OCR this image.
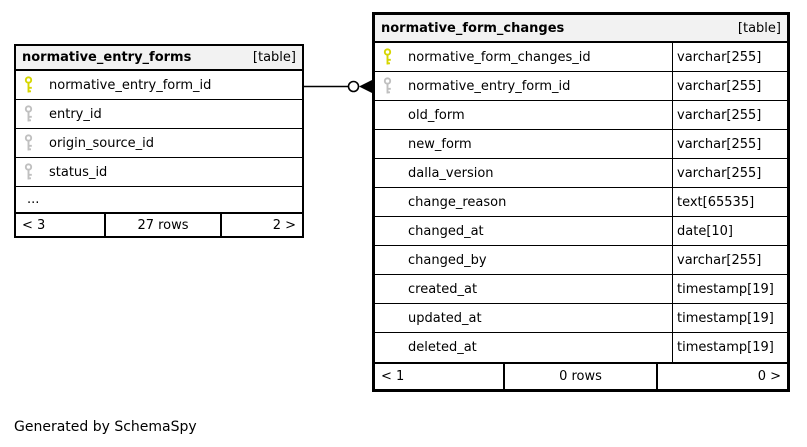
normative_entry_forms	[table]
normative_entry_form_id
entry_id
origin_source_id
status_id
...
< 3	27 rows	2 >
normative_form_changes	[table]
normative_form_changes_id	varchar[255]
normative_entry_form_id	varchar[255]
old_form	varchar[255]
new_form	varchar[255]
dalla_version	varchar[255]
change_reason	text[65535]
changed_at	date[10]
changed_by	varchar[255]
created_at	timestamp[19]
updated_at	timestamp[19]
deleted_at	timestamp[19]
< 1	0 rows	0 >
Generated by SchemaSpy
